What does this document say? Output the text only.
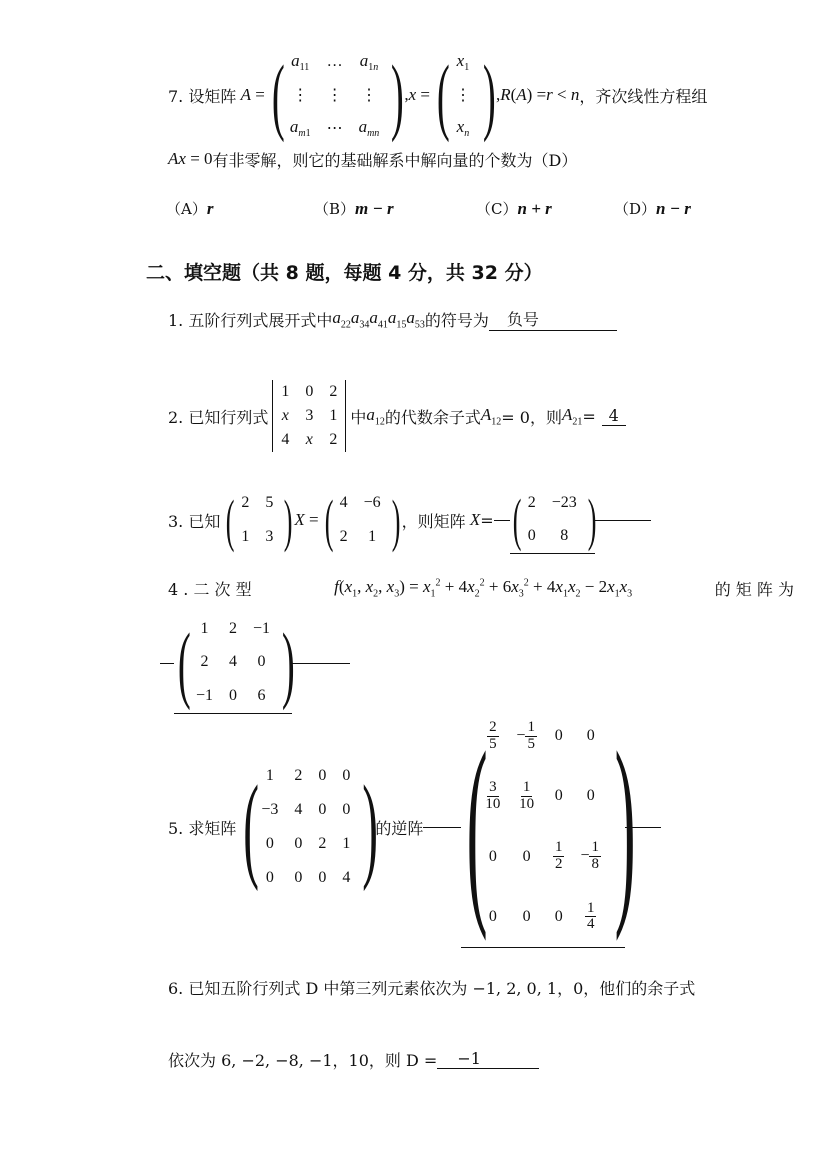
7. 设矩阵 A = ( $a_{11}$	…	$a_{1n}$
⋮	⋮	⋮
$a_{m1}$	⋯	$a_{mn}$ ) , x = ( $x_1$
⋮
$x_n$ ) , R ( A ) = r < n ，齐次线性方程组
Ax = 0 有非零解，则它的基础解系中解向量的个数为（D）
（A）r	（B）m − r	（C）n + r	（D）n − r
二、填空题（共 8 题，每题 4 分，共 32 分）
1. 五阶行列式展开式中 $a_{22}a_{34}a_{41}a_{15}a_{53}$ 的符号为	负号
2. 已知行列式
1	0	2
x	3	1
4	x	2
中 $a_{12}$ 的代数余子式 $A_{12} = 0$，则 $A_{21} = 4$
3. 已知 ( 2	5
1	3 ) X = ( 4	−6
2	1 ) ，则矩阵 X = ( 2	−23
0	8 )
4 . 二 次 型	$f(x_1$, $x_2$, $x_3) = x_1^2 + 4x_2^2 + 6x_3^2 + 4x_1x_2 - 2x_1x_3$	的 矩 阵 为
( 1	2	−1
2	4	0
−1	0	6 )
5. 求矩阵 ( 1	2	0	0
−3	4	0	0
0	0	2	1
0	0	0	4 )
的逆阵 ( $\frac{2}{5}$	− $\frac{1}{5}$	0	0

$\frac{3}{10}$	$\frac{1}{10}$	0	0
0	0	$\frac{1}{2}$	− $\frac{1}{8}$

0	0	0	$\frac{1}{4}$ )
6. 已知五阶行列式 D 中第三列元素依次为 −1, 2, 0, 1，0，他们的余子式
依次为 6, −2, −8, −1，10，则 D =	−1
